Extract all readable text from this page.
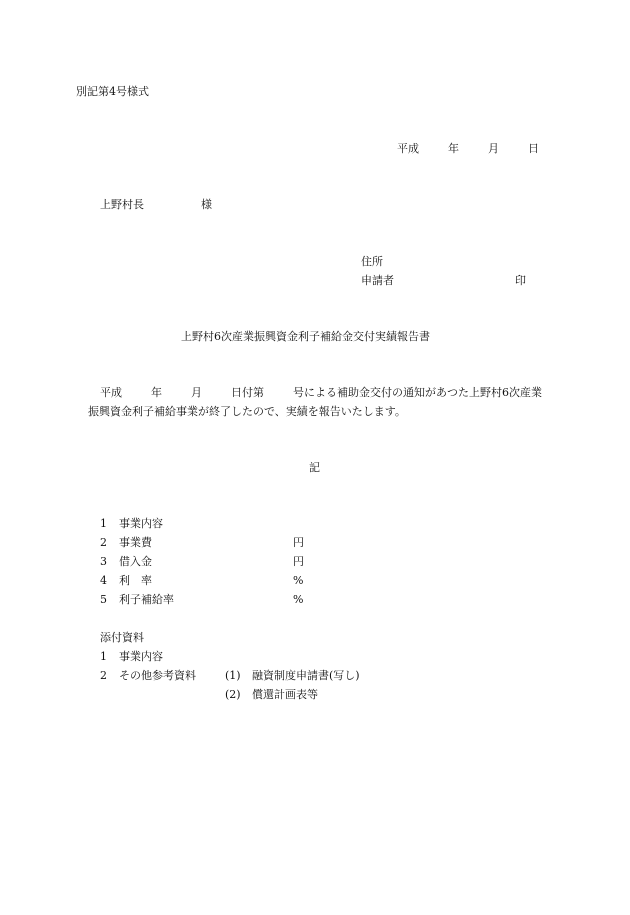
別記第4号様式
平成	年	月	日
上野村長	様
住所
申請者	印
上野村6次産業振興資金利子補給金交付実績報告書
平成	年	月	日付第	号による補助金交付の通知があつた上野村6次産業
振興資金利子補給事業が終了したので、実績を報告いたします。
記
1 事業内容
2 事業費	円
3 借入金	円
4 利　率	%
5 利子補給率	%
添付資料
1 事業内容
2 その他参考資料	(1) 融資制度申請書(写し)
(2) 償還計画表等
